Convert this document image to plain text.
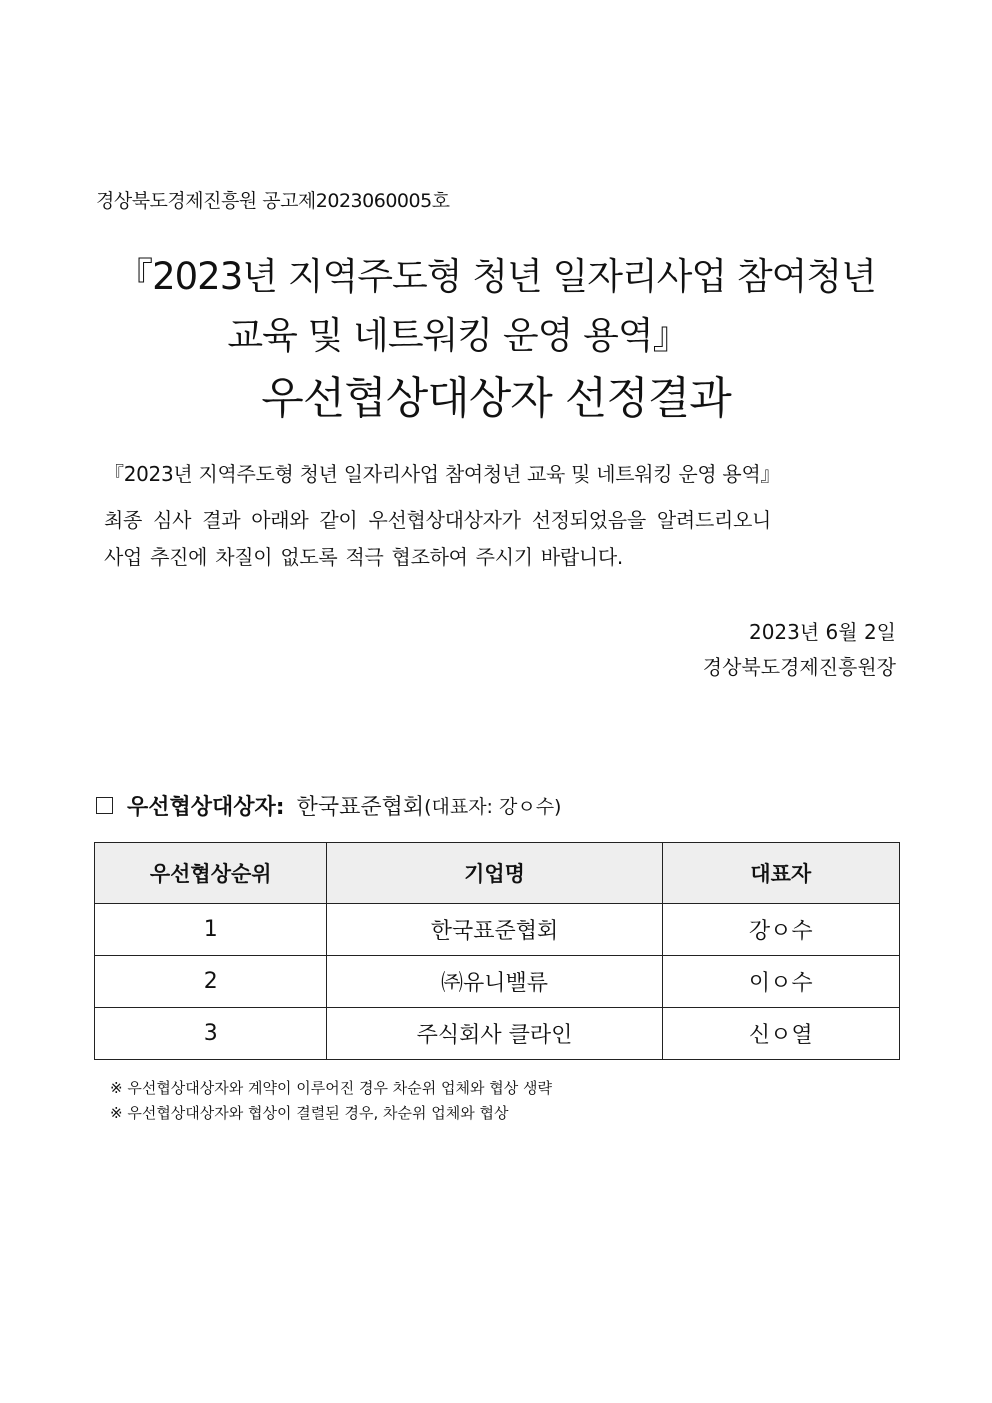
경상북도경제진흥원 공고제2023060005호
『2023년 지역주도형 청년 일자리사업 참여청년
교육 및 네트워킹 운영 용역』
우선협상대상자 선정결과
『2023년 지역주도형 청년 일자리사업 참여청년 교육 및 네트워킹 운영 용역』
최종 심사 결과 아래와 같이 우선협상대상자가 선정되었음을 알려드리오니
사업 추진에 차질이 없도록 적극 협조하여 주시기 바랍니다.
2023년 6월 2일
경상북도경제진흥원장
우선협상대상자: 한국표준협회 (대표자: 강ㅇ수)
우선협상순위	기업명	대표자
1	한국표준협회	강ㅇ수
2	㈜유니밸류	이ㅇ수
3	주식회사 클라인	신ㅇ열
※ 우선협상대상자와 계약이 이루어진 경우 차순위 업체와 협상 생략
※ 우선협상대상자와 협상이 결렬된 경우, 차순위 업체와 협상
